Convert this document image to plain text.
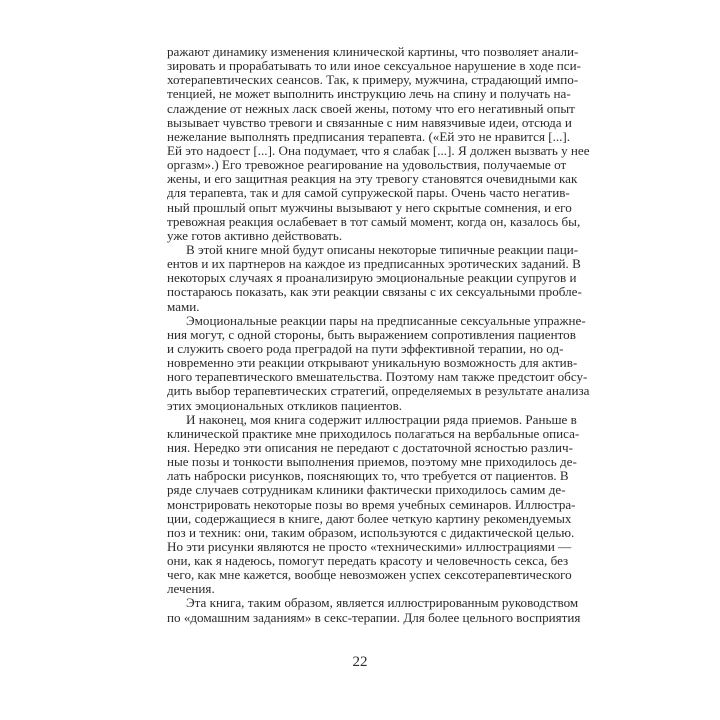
ражают динамику изменения клинической картины, что позволяет анали-
зировать и прорабатывать то или иное сексуальное нарушение в ходе пси-
хотерапевтических сеансов. Так, к примеру, мужчина, страдающий импо-
тенцией, не может выполнить инструкцию лечь на спину и получать на-
слаждение от нежных ласк своей жены, потому что его негативный опыт
вызывает чувство тревоги и связанные с ним навязчивые идеи, отсюда и
нежелание выполнять предписания терапевта. («Ей это не нравится [...].
Ей это надоест [...]. Она подумает, что я слабак [...]. Я должен вызвать у нее
оргазм».) Его тревожное реагирование на удовольствия, получаемые от
жены, и его защитная реакция на эту тревогу становятся очевидными как
для терапевта, так и для самой супружеской пары. Очень часто негатив-
ный прошлый опыт мужчины вызывают у него скрытые сомнения, и его
тревожная реакция ослабевает в тот самый момент, когда он, казалось бы,
уже готов активно действовать.
В этой книге мной будут описаны некоторые типичные реакции паци-
ентов и их партнеров на каждое из предписанных эротических заданий. В
некоторых случаях я проанализирую эмоциональные реакции супругов и
постараюсь показать, как эти реакции связаны с их сексуальными пробле-
мами.
Эмоциональные реакции пары на предписанные сексуальные упражне-
ния могут, с одной стороны, быть выражением сопротивления пациентов
и служить своего рода преградой на пути эффективной терапии, но од-
новременно эти реакции открывают уникальную возможность для актив-
ного терапевтического вмешательства. Поэтому нам также предстоит обсу-
дить выбор терапевтических стратегий, определяемых в результате анализа
этих эмоциональных откликов пациентов.
И наконец, моя книга содержит иллюстрации ряда приемов. Раньше в
клинической практике мне приходилось полагаться на вербальные описа-
ния. Нередко эти описания не передают с достаточной ясностью различ-
ные позы и тонкости выполнения приемов, поэтому мне приходилось де-
лать наброски рисунков, поясняющих то, что требуется от пациентов. В
ряде случаев сотрудникам клиники фактически приходилось самим де-
монстрировать некоторые позы во время учебных семинаров. Иллюстра-
ции, содержащиеся в книге, дают более четкую картину рекомендуемых
поз и техник: они, таким образом, используются с дидактической целью.
Но эти рисунки являются не просто «техническими» иллюстрациями —
они, как я надеюсь, помогут передать красоту и человечность секса, без
чего, как мне кажется, вообще невозможен успех сексотерапевтического
лечения.
Эта книга, таким образом, является иллюстрированным руководством
по «домашним заданиям» в секс-терапии. Для более цельного восприятия
22
